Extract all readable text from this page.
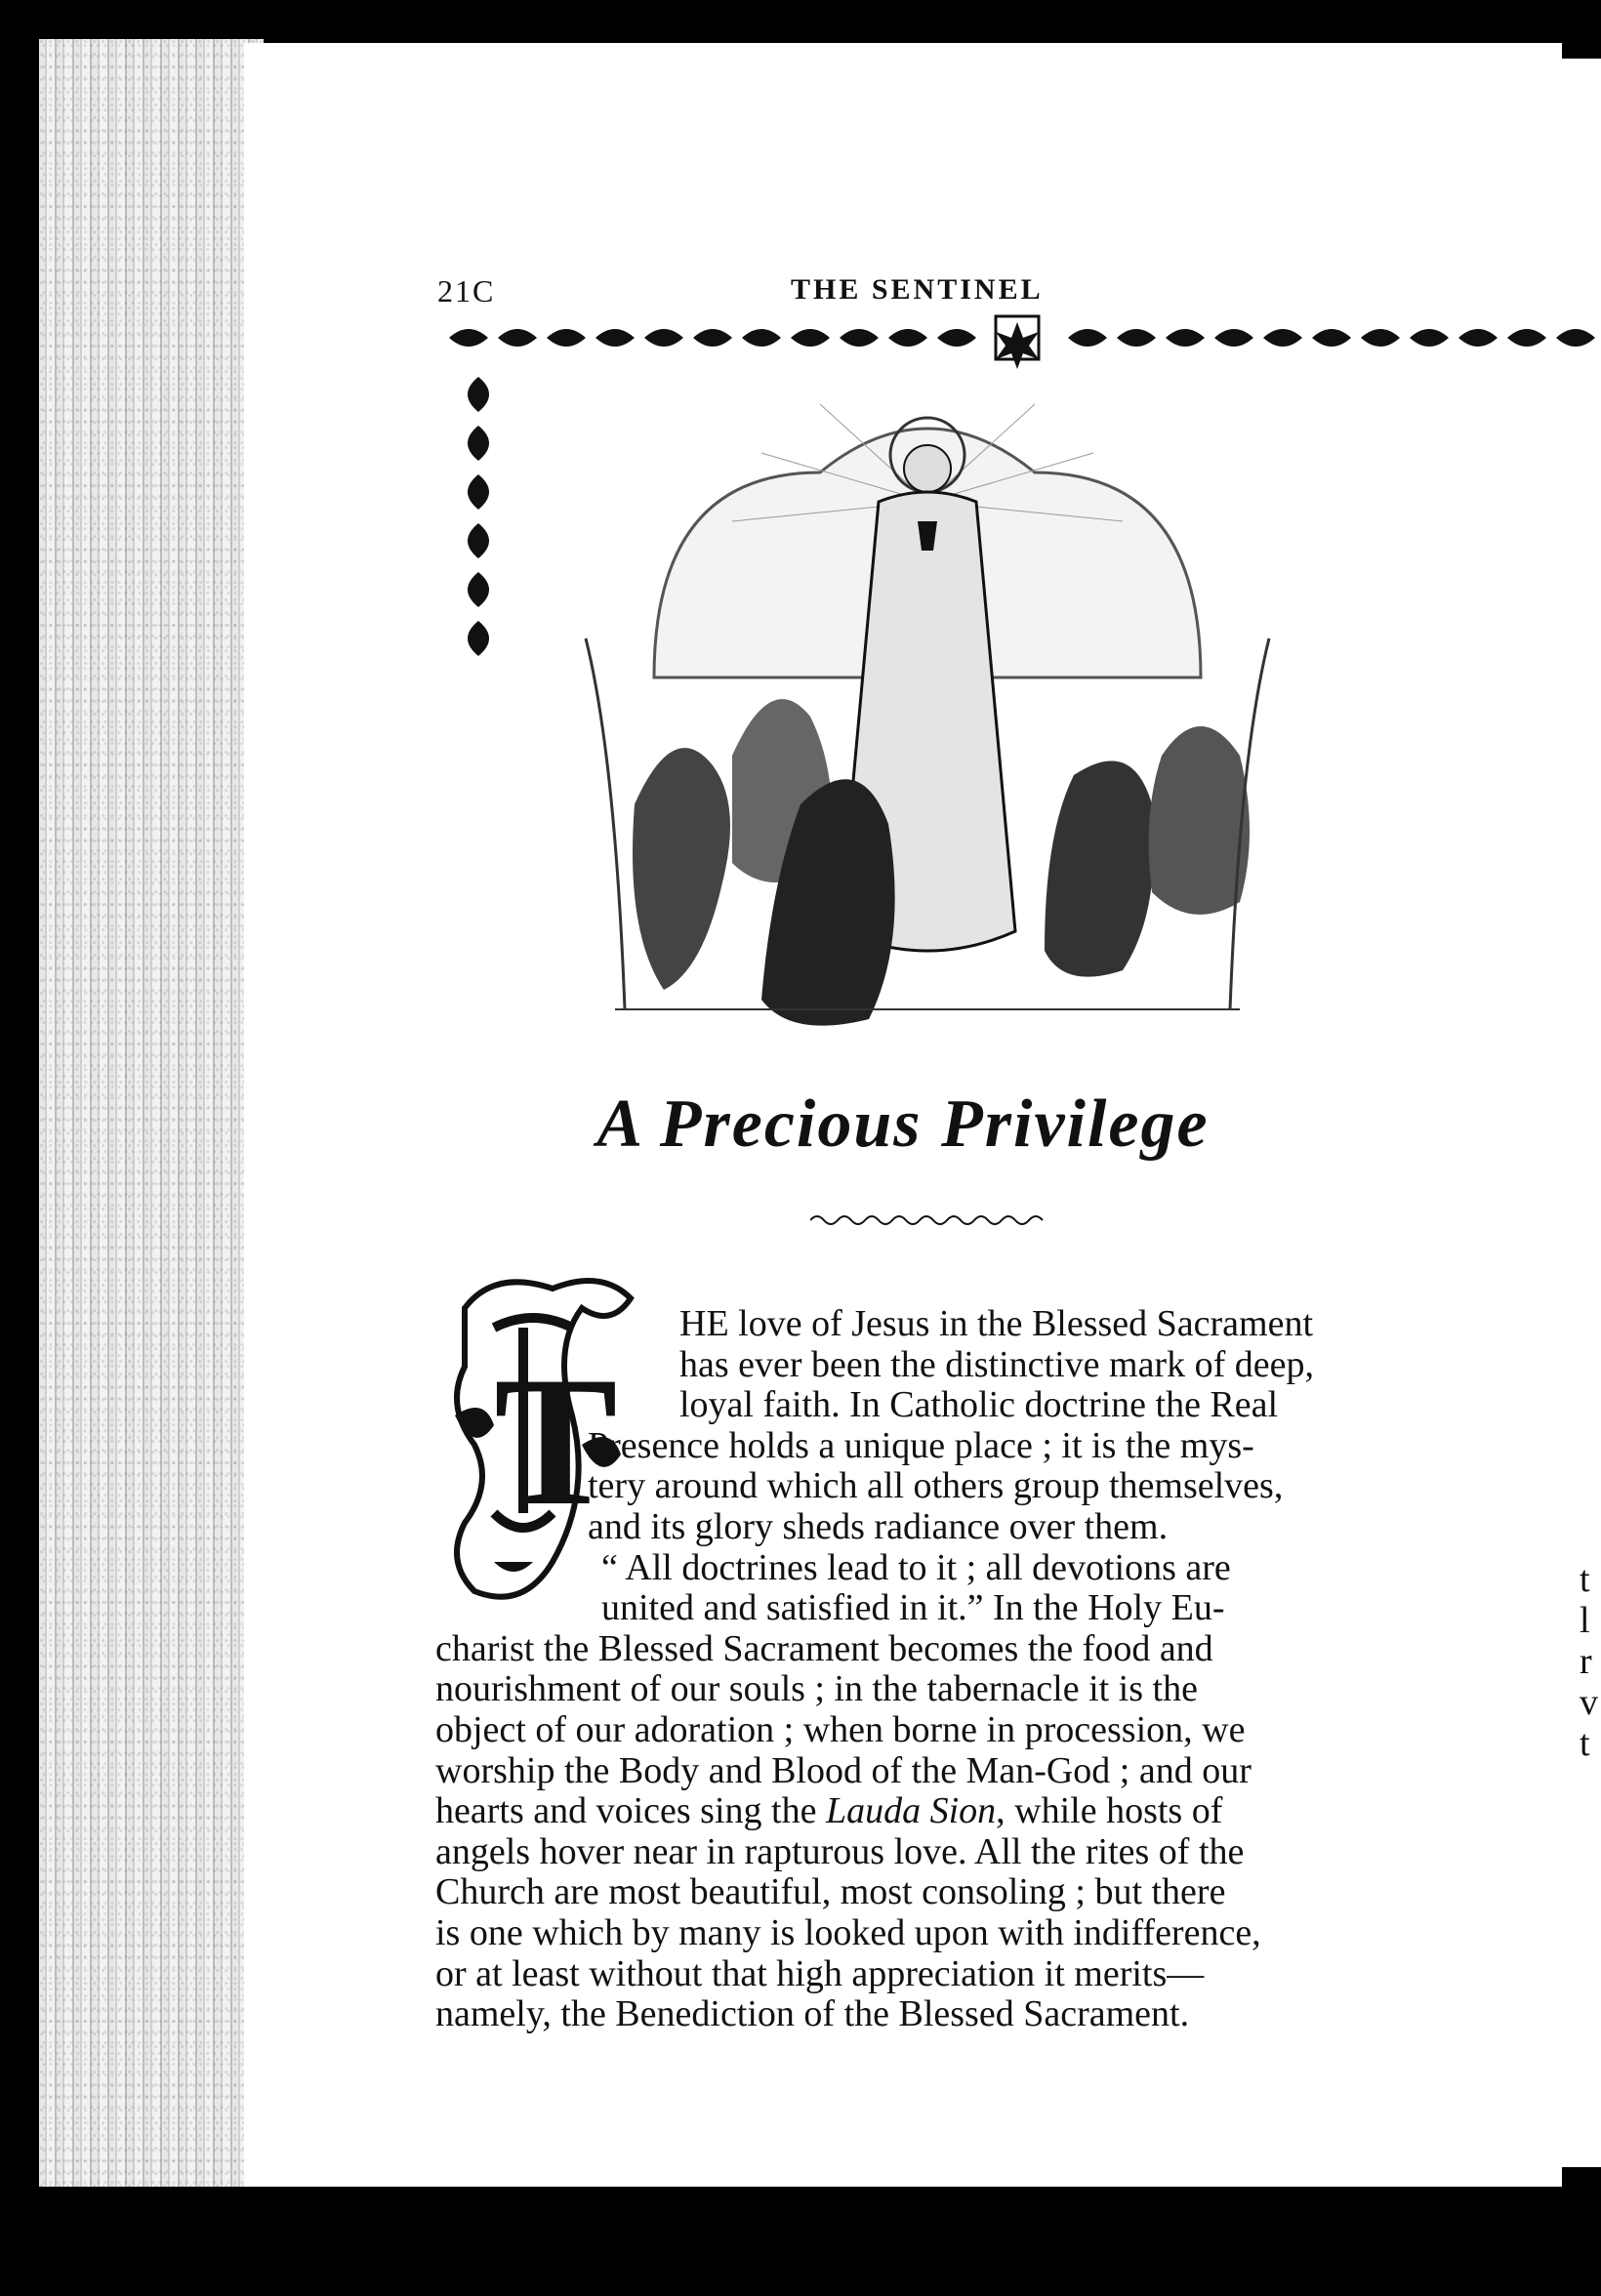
t
l
r
v
t
21C	THE SENTINEL
A Precious Privilege
T
HE love of Jesus in the Blessed Sacrament
has ever been the distinctive mark of deep,
loyal faith. In Catholic doctrine the Real
Presence holds a unique place ; it is the mys-
tery around which all others group themselves,
and its glory sheds radiance over them.
“ All doctrines lead to it ; all devotions are
united and satisfied in it.” In the Holy Eu-
charist the Blessed Sacrament becomes the food and
nourishment of our souls ; in the tabernacle it is the
object of our adoration ; when borne in procession, we
worship the Body and Blood of the Man-God ; and our
hearts and voices sing the Lauda Sion, while hosts of
angels hover near in rapturous love. All the rites of the
Church are most beautiful, most consoling ; but there
is one which by many is looked upon with indifference,
or at least without that high appreciation it merits—
namely, the Benediction of the Blessed Sacrament.
